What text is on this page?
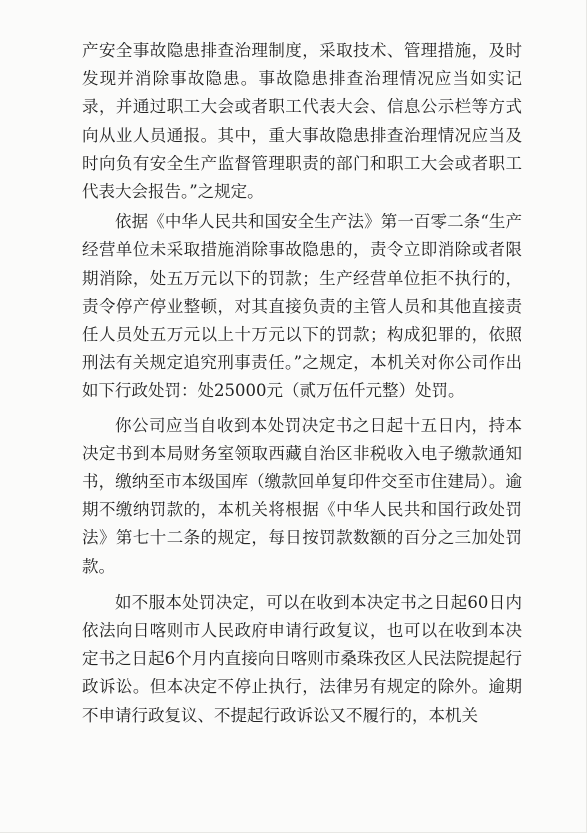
产安全事故隐患排查治理制度，采取技术、管理措施，及时发现并消除事故隐患。事故隐患排查治理情况应当如实记录，并通过职工大会或者职工代表大会、信息公示栏等方式向从业人员通报。其中，重大事故隐患排查治理情况应当及时向负有安全生产监督管理职责的部门和职工大会或者职工代表大会报告。”之规定。

依据《中华人民共和国安全生产法》第一百零二条“生产经营单位未采取措施消除事故隐患的，责令立即消除或者限期消除，处五万元以下的罚款；生产经营单位拒不执行的，责令停产停业整顿，对其直接负责的主管人员和其他直接责任人员处五万元以上十万元以下的罚款；构成犯罪的，依照刑法有关规定追究刑事责任。”之规定，本机关对你公司作出如下行政处罚：处25000元（贰万伍仟元整）处罚。

你公司应当自收到本处罚决定书之日起十五日内，持本决定书到本局财务室领取西藏自治区非税收入电子缴款通知书，缴纳至市本级国库（缴款回单复印件交至市住建局）。逾期不缴纳罚款的，本机关将根据《中华人民共和国行政处罚法》第七十二条的规定，每日按罚款数额的百分之三加处罚款。

如不服本处罚决定，可以在收到本决定书之日起60日内依法向日喀则市人民政府申请行政复议，也可以在收到本决定书之日起6个月内直接向日喀则市桑珠孜区人民法院提起行政诉讼。但本决定不停止执行，法律另有规定的除外。逾期不申请行政复议、不提起行政诉讼又不履行的，本机关
